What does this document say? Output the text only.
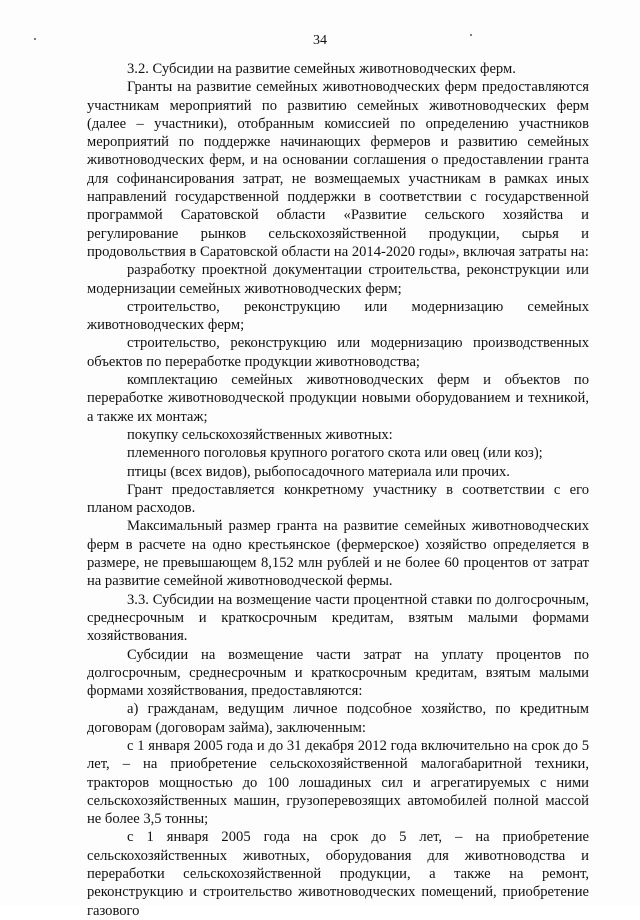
34

3.2. Субсидии на развитие семейных животноводческих ферм.

Гранты на развитие семейных животноводческих ферм предоставляются участникам мероприятий по развитию семейных животноводческих ферм (далее – участники), отобранным комиссией по определению участников мероприятий по поддержке начинающих фермеров и развитию семейных животноводческих ферм, и на основании соглашения о предоставлении гранта для софинансирования затрат, не возмещаемых участникам в рамках иных направлений государственной поддержки в соответствии с государственной программой Саратовской области «Развитие сельского хозяйства и регулирование рынков сельскохозяйственной продукции, сырья и продовольствия в Саратовской области на 2014-2020 годы», включая затраты на:

разработку проектной документации строительства, реконструкции или модернизации семейных животноводческих ферм;

строительство, реконструкцию или модернизацию семейных животноводческих ферм;

строительство, реконструкцию или модернизацию производственных объектов по переработке продукции животноводства;

комплектацию семейных животноводческих ферм и объектов по переработке животноводческой продукции новыми оборудованием и техникой, а также их монтаж;

покупку сельскохозяйственных животных:

племенного поголовья крупного рогатого скота или овец (или коз);

птицы (всех видов), рыбопосадочного материала или прочих.

Грант предоставляется конкретному участнику в соответствии с его планом расходов.

Максимальный размер гранта на развитие семейных животноводческих ферм в расчете на одно крестьянское (фермерское) хозяйство определяется в размере, не превышающем 8,152 млн рублей и не более 60 процентов от затрат на развитие семейной животноводческой фермы.

3.3. Субсидии на возмещение части процентной ставки по долгосрочным, среднесрочным и краткосрочным кредитам, взятым малыми формами хозяйствования.

Субсидии на возмещение части затрат на уплату процентов по долгосрочным, среднесрочным и краткосрочным кредитам, взятым малыми формами хозяйствования, предоставляются:

а) гражданам, ведущим личное подсобное хозяйство, по кредитным договорам (договорам займа), заключенным:

с 1 января 2005 года и до 31 декабря 2012 года включительно на срок до 5 лет, – на приобретение сельскохозяйственной малогабаритной техники, тракторов мощностью до 100 лошадиных сил и агрегатируемых с ними сельскохозяйственных машин, грузоперевозящих автомобилей полной массой не более 3,5 тонны;

с 1 января 2005 года на срок до 5 лет, – на приобретение сельскохозяйственных животных, оборудования для животноводства и переработки сельскохозяйственной продукции, а также на ремонт, реконструкцию и строительство животноводческих помещений, приобретение газового
